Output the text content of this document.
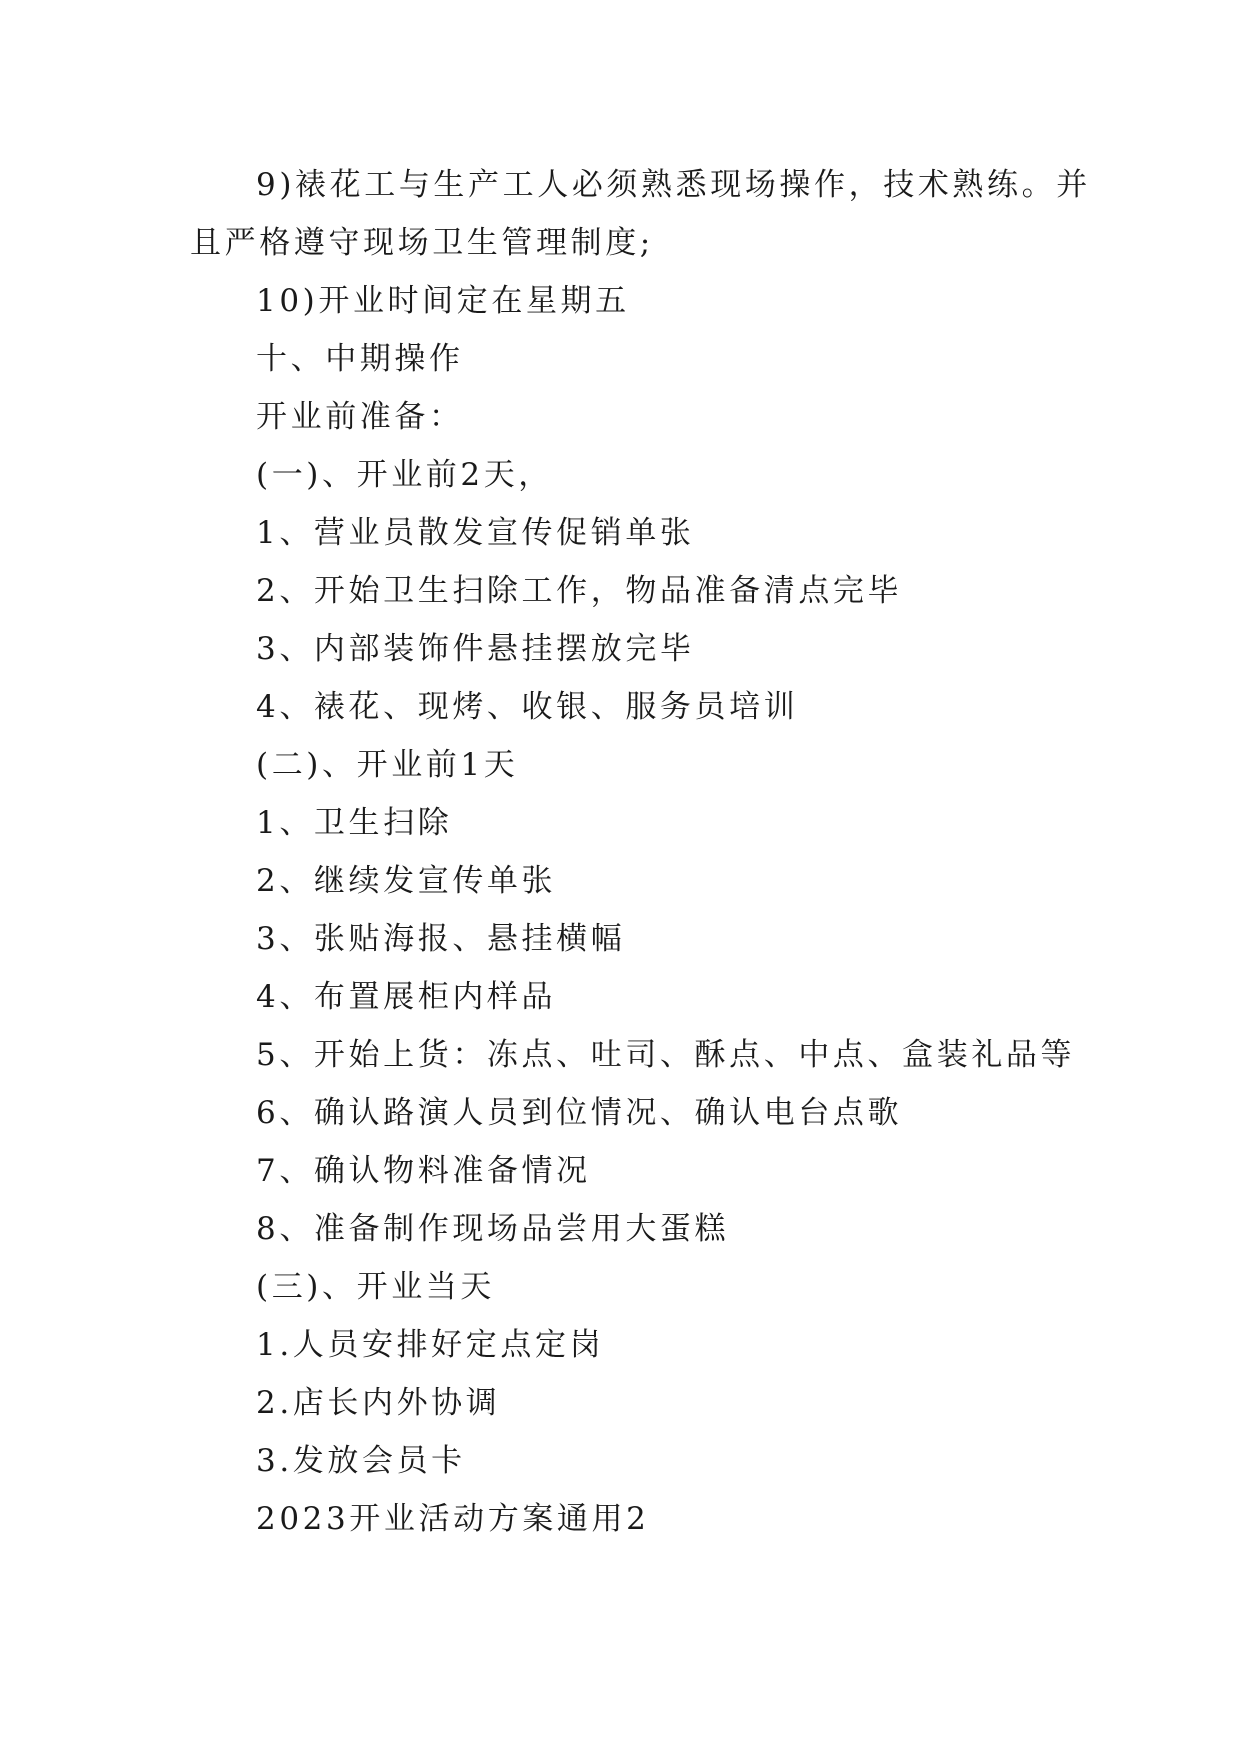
9)裱花工与生产工人必须熟悉现场操作，技术熟练。并

且严格遵守现场卫生管理制度;

10)开业时间定在星期五

十、中期操作

开业前准备：

(一)、开业前2天，

1、营业员散发宣传促销单张

2、开始卫生扫除工作，物品准备清点完毕

3、内部装饰件悬挂摆放完毕

4、裱花、现烤、收银、服务员培训

(二)、开业前1天

1、卫生扫除

2、继续发宣传单张

3、张贴海报、悬挂横幅

4、布置展柜内样品

5、开始上货：冻点、吐司、酥点、中点、盒装礼品等

6、确认路演人员到位情况、确认电台点歌

7、确认物料准备情况

8、准备制作现场品尝用大蛋糕

(三)、开业当天

1.人员安排好定点定岗

2.店长内外协调

3.发放会员卡

2023开业活动方案通用2
